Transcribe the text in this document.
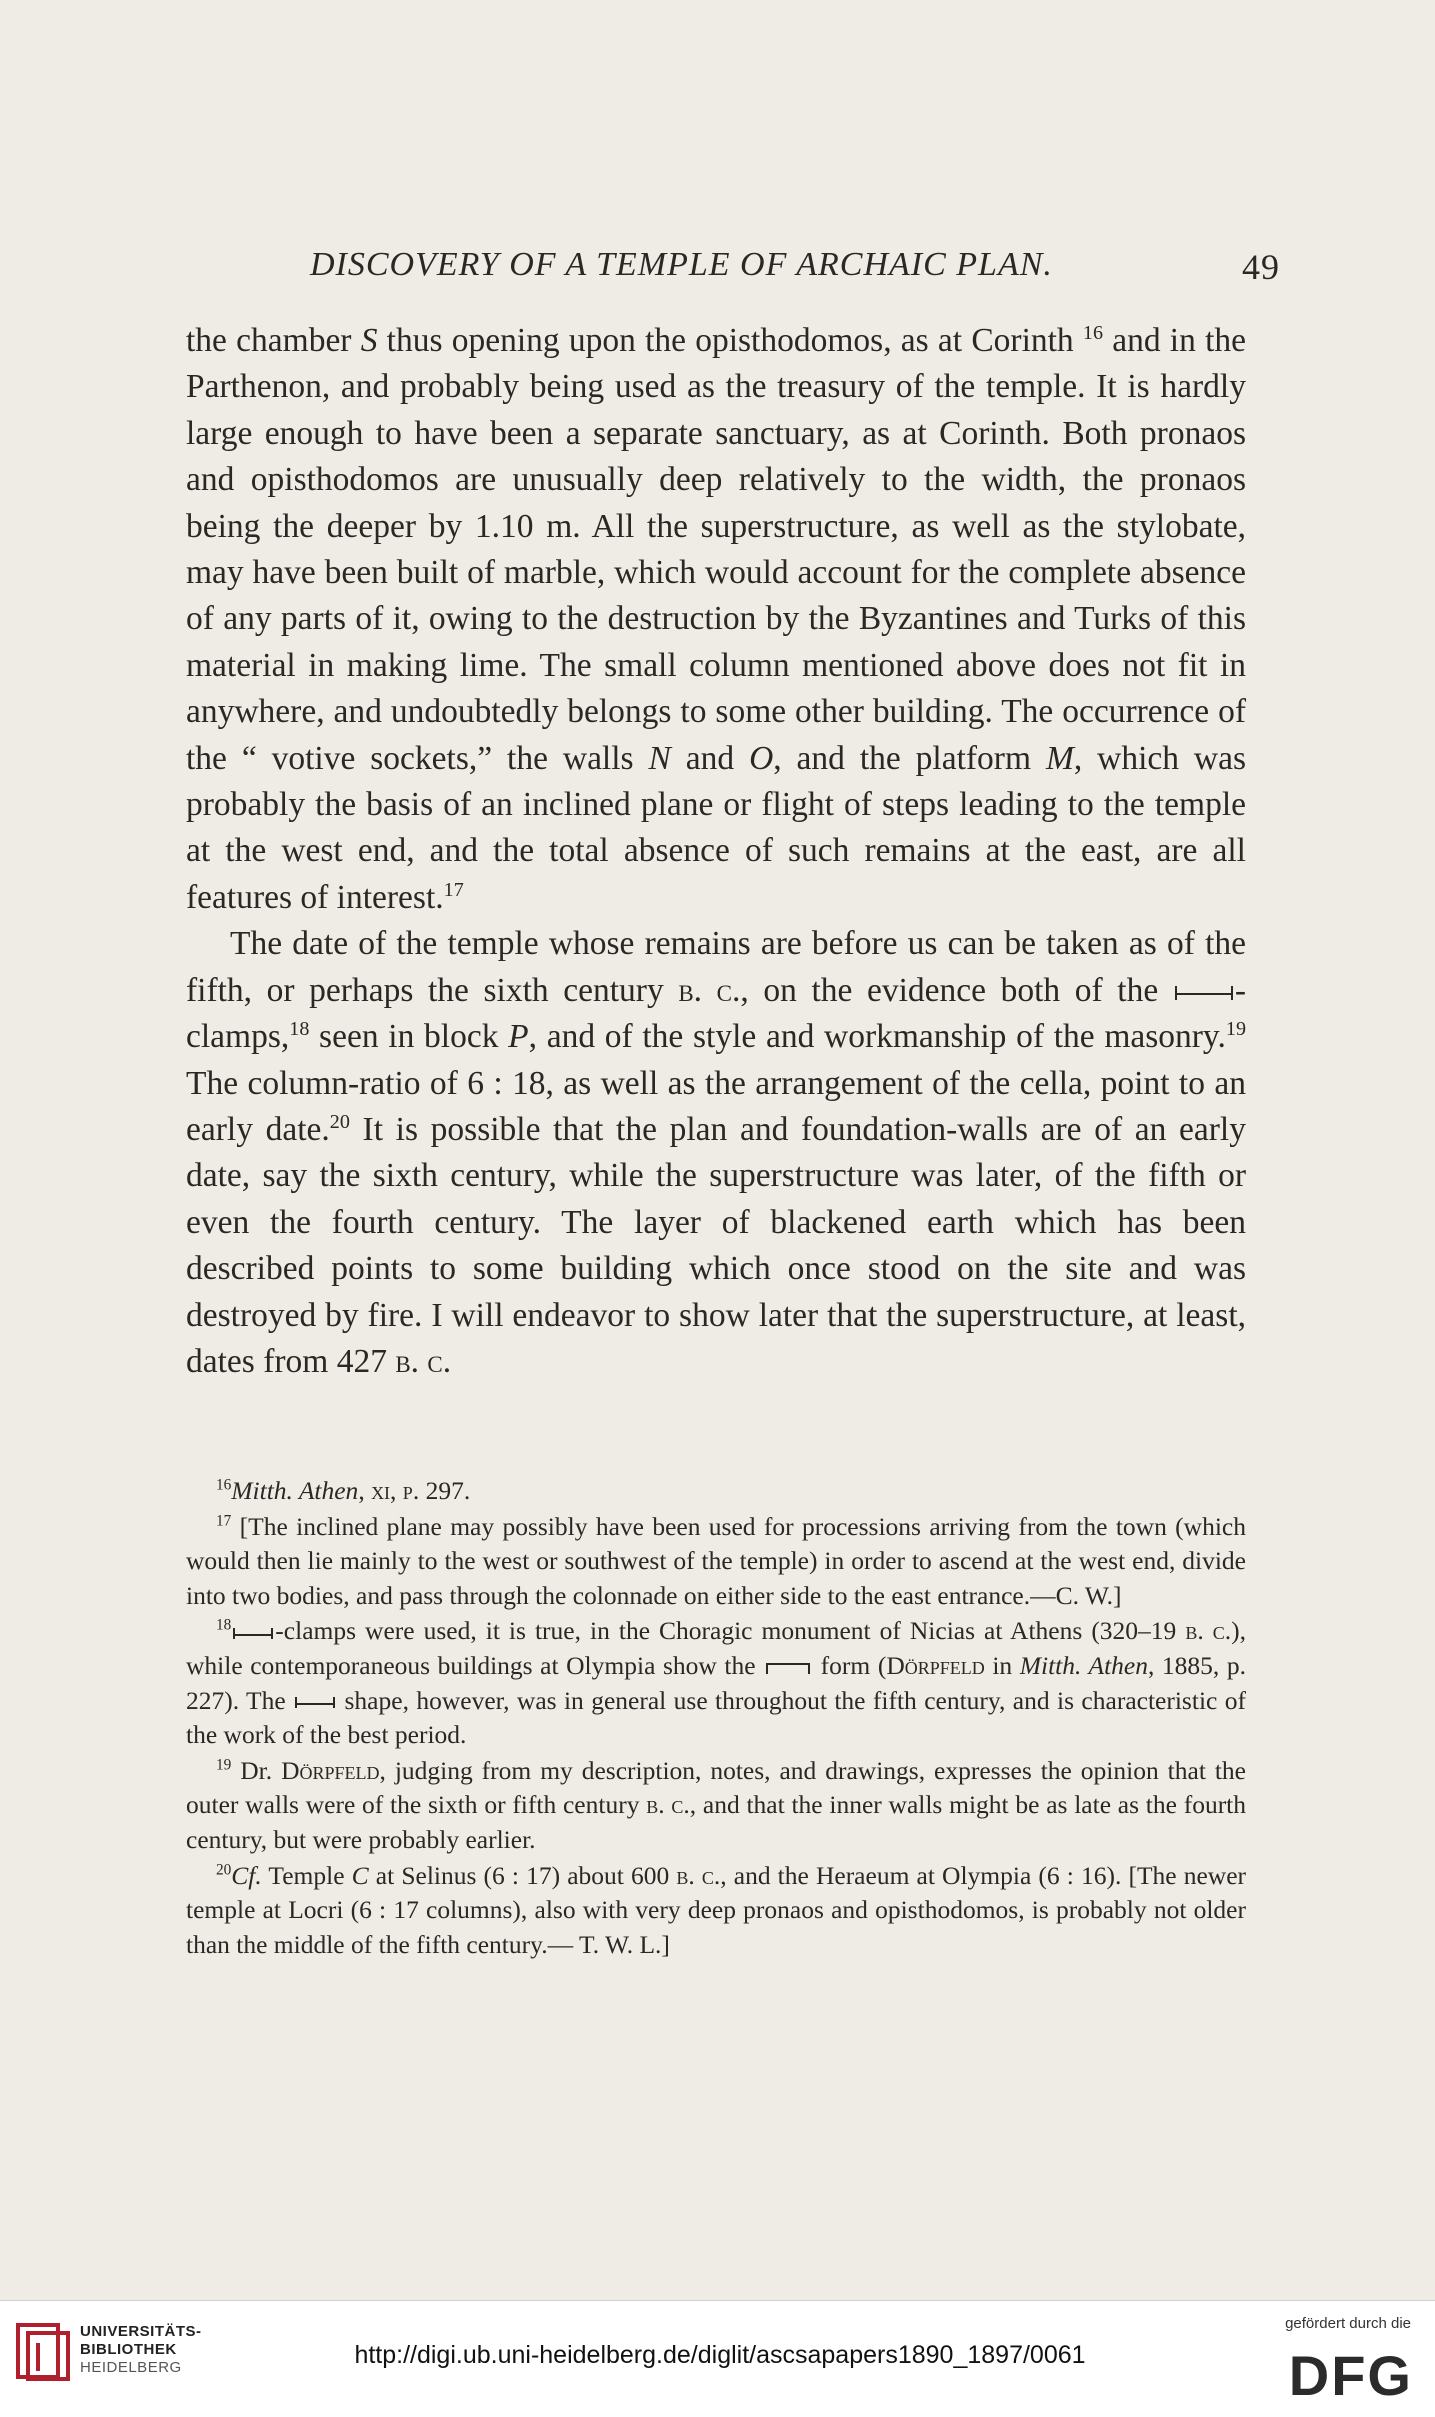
DISCOVERY OF A TEMPLE OF ARCHAIC PLAN.	49

the chamber S thus opening upon the opisthodomos, as at Corinth $^{16}$ and in the Parthenon, and probably being used as the treasury of the temple. It is hardly large enough to have been a separate sanctuary, as at Corinth. Both pronaos and opisthodomos are unusually deep relatively to the width, the pronaos being the deeper by 1.10 m. All the superstructure, as well as the stylobate, may have been built of marble, which would account for the complete absence of any parts of it, owing to the destruction by the Byzantines and Turks of this material in making lime. The small column mentioned above does not fit in anywhere, and undoubtedly belongs to some other building. The occurrence of the “ votive sockets,” the walls N and O, and the platform M, which was probably the basis of an inclined plane or flight of steps leading to the temple at the west end, and the total absence of such remains at the east, are all features of interest.$^{17}$

The date of the temple whose remains are before us can be taken as of the fifth, or perhaps the sixth century b. c., on the evidence both of the
-clamps,$^{18}$ seen in block P, and of the style and workmanship of the masonry.$^{19}$ The column-ratio of 6 : 18, as well as the arrangement of the cella, point to an early date.$^{20}$ It is possible that the plan and foundation-walls are of an early date, say the sixth century, while the superstructure was later, of the fifth or even the fourth century. The layer of blackened earth which has been described points to some building which once stood on the site and was destroyed by fire. I will endeavor to show later that the superstructure, at least, dates from 427 b. c.

$^{16}$Mitth. Athen, xi, p. 297.

$^{17}$ [The inclined plane may possibly have been used for processions arriving from the town (which would then lie mainly to the west or southwest of the temple) in order to ascend at the west end, divide into two bodies, and pass through the colonnade on either side to the east entrance.—C. W.]

$^{18}$ -clamps were used, it is true, in the Choragic monument of Nicias at Athens (320–19 b. c.), while contemporaneous buildings at Olympia show the
form (Dörpfeld in Mitth. Athen, 1885, p. 227). The
shape, however, was in general use throughout the fifth century, and is characteristic of the work of the best period.

$^{19}$ Dr. Dörpfeld, judging from my description, notes, and drawings, expresses the opinion that the outer walls were of the sixth or fifth century b. c., and that the inner walls might be as late as the fourth century, but were probably earlier.

$^{20}$Cf. Temple C at Selinus (6 : 17) about 600 b. c., and the Heraeum at Olympia (6 : 16). [The newer temple at Locri (6 : 17 columns), also with very deep pronaos and opisthodomos, is probably not older than the middle of the fifth century.— T. W. L.]

UNIVERSITÄTS-
BIBLIOTHEK
HEIDELBERG	http://digi.ub.uni-heidelberg.de/diglit/ascsapapers1890_1897/0061
gefördert durch die
DFG
